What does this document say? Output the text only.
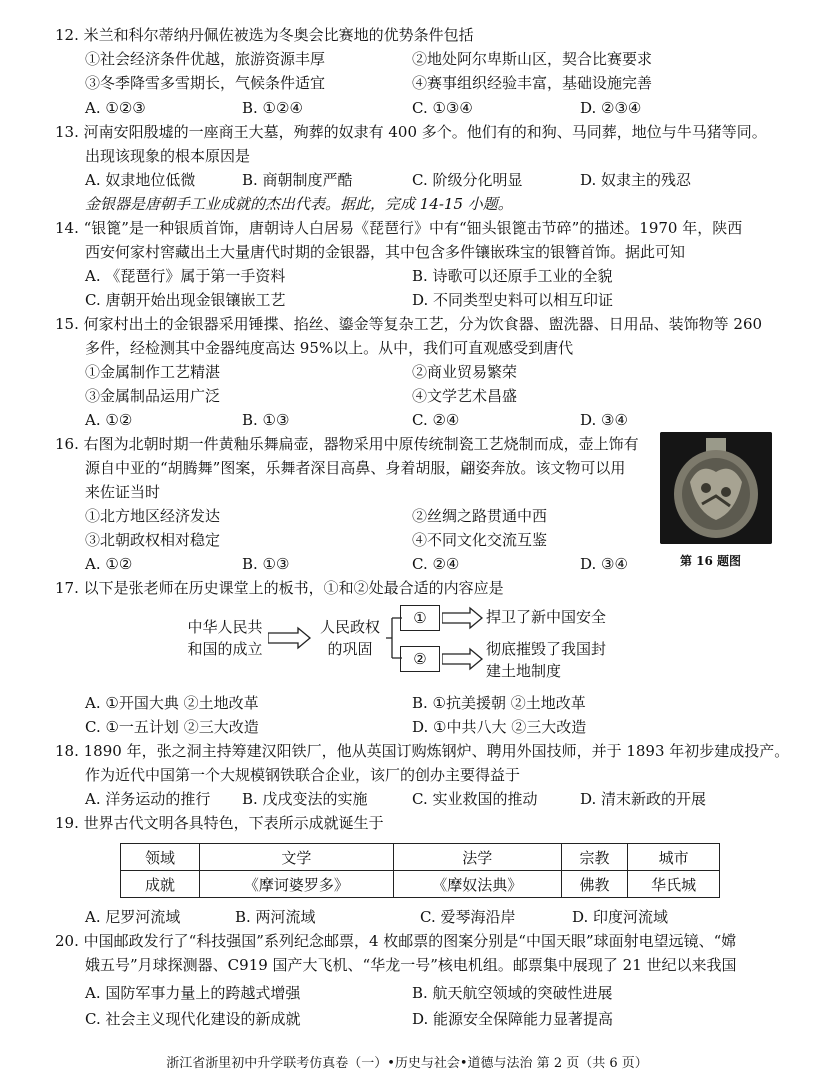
12. 米兰和科尔蒂纳丹佩佐被选为冬奥会比赛地的优势条件包括
①社会经济条件优越，旅游资源丰厚	②地处阿尔卑斯山区，契合比赛要求
③冬季降雪多雪期长，气候条件适宜	④赛事组织经验丰富，基础设施完善
A. ①②③	B. ①②④	C. ①③④	D. ②③④
13. 河南安阳殷墟的一座商王大墓，殉葬的奴隶有 400 多个。他们有的和狗、马同葬，地位与牛马猪等同。
出现该现象的根本原因是
A. 奴隶地位低微	B. 商朝制度严酷	C. 阶级分化明显	D. 奴隶主的残忍
金银器是唐朝手工业成就的杰出代表。据此，完成 14-15 小题。
14. “银篦”是一种银质首饰，唐朝诗人白居易《琵琶行》中有“钿头银篦击节碎”的描述。1970 年，陕西
西安何家村窖藏出土大量唐代时期的金银器，其中包含多件镶嵌珠宝的银簪首饰。据此可知
A. 《琵琶行》属于第一手资料	B. 诗歌可以还原手工业的全貌
C. 唐朝开始出现金银镶嵌工艺	D. 不同类型史料可以相互印证
15. 何家村出土的金银器采用锤揲、掐丝、鎏金等复杂工艺，分为饮食器、盥洗器、日用品、装饰物等 260
多件，经检测其中金器纯度高达 95%以上。从中，我们可直观感受到唐代
①金属制作工艺精湛	②商业贸易繁荣
③金属制品运用广泛	④文学艺术昌盛
A. ①②	B. ①③	C. ②④	D. ③④
16. 右图为北朝时期一件黄釉乐舞扁壶，器物采用中原传统制瓷工艺烧制而成，壶上饰有
源自中亚的“胡腾舞”图案，乐舞者深目高鼻、身着胡服，翩姿奔放。该文物可以用
来佐证当时
①北方地区经济发达	②丝绸之路贯通中西
③北朝政权相对稳定	④不同文化交流互鉴
A. ①②	B. ①③	C. ②④	D. ③④	第 16 题图
17. 以下是张老师在历史课堂上的板书，①和②处最合适的内容应是
中华人民共
和国的成立
人民政权
的巩固
①
②
捍卫了新中国安全
彻底摧毁了我国封
建土地制度
A. ①开国大典 ②土地改革	B. ①抗美援朝 ②土地改革
C. ①一五计划 ②三大改造	D. ①中共八大 ②三大改造
18. 1890 年，张之洞主持筹建汉阳铁厂，他从英国订购炼钢炉、聘用外国技师，并于 1893 年初步建成投产。
作为近代中国第一个大规模钢铁联合企业，该厂的创办主要得益于
A. 洋务运动的推行 B. 戊戌变法的实施	C. 实业救国的推动	D. 清末新政的开展
19. 世界古代文明各具特色，下表所示成就诞生于
领域	文学	法学	宗教	城市
成就	《摩诃婆罗多》	《摩奴法典》	佛教	华氏城
A. 尼罗河流域	B. 两河流域	C. 爱琴海沿岸	D. 印度河流域
20. 中国邮政发行了“科技强国”系列纪念邮票，4 枚邮票的图案分别是“中国天眼”球面射电望远镜、“嫦
娥五号”月球探测器、C919 国产大飞机、“华龙一号”核电机组。邮票集中展现了 21 世纪以来我国
A. 国防军事力量上的跨越式增强	B. 航天航空领域的突破性进展
C. 社会主义现代化建设的新成就	D. 能源安全保障能力显著提高
浙江省浙里初中升学联考仿真卷（一）•历史与社会•道德与法治 第 2 页（共 6 页）
